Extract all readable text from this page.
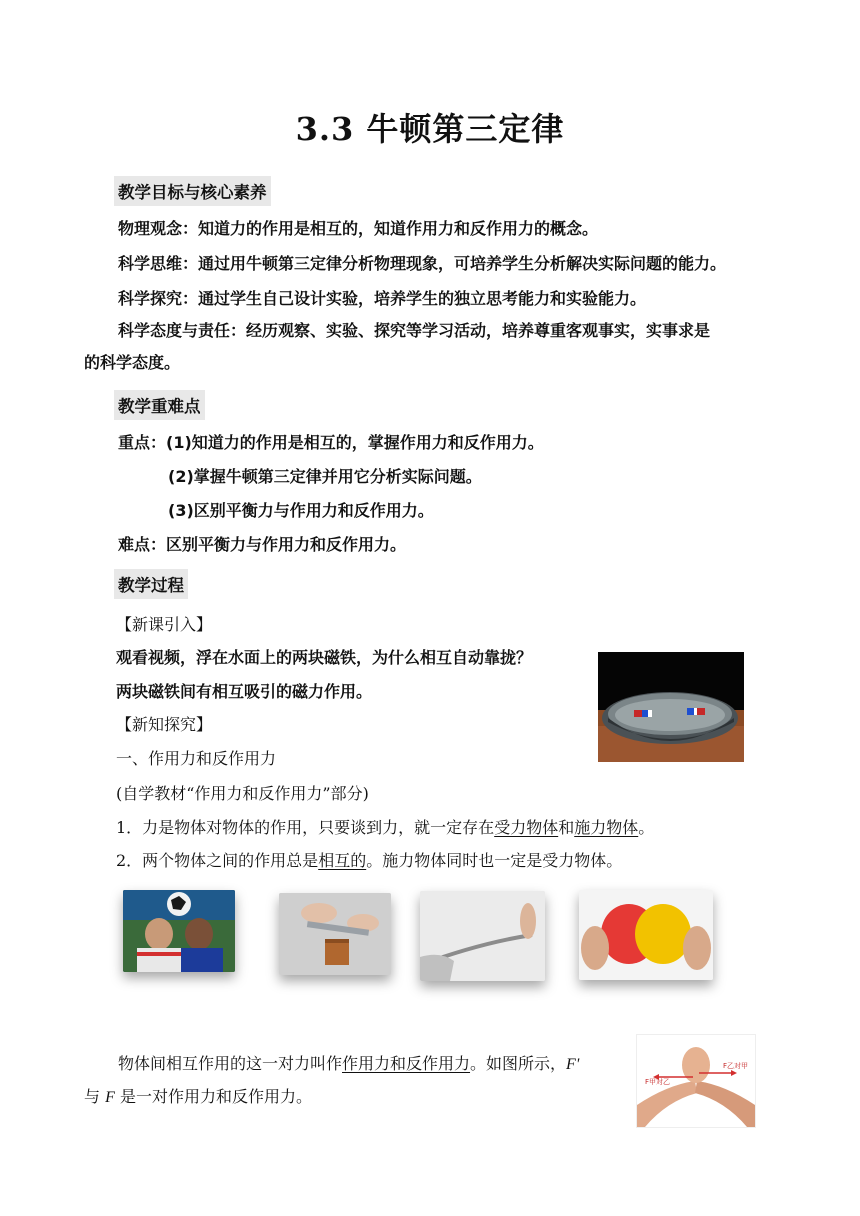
3.3 牛顿第三定律
教学目标与核心素养
物理观念：知道力的作用是相互的，知道作用力和反作用力的概念。
科学思维：通过用牛顿第三定律分析物理现象，可培养学生分析解决实际问题的能力。
科学探究：通过学生自己设计实验，培养学生的独立思考能力和实验能力。
科学态度与责任：经历观察、实验、探究等学习活动，培养尊重客观事实，实事求是
的科学态度。
教学重难点
重点：(1)知道力的作用是相互的，掌握作用力和反作用力。
(2)掌握牛顿第三定律并用它分析实际问题。
(3)区别平衡力与作用力和反作用力。
难点：区别平衡力与作用力和反作用力。
教学过程
【新课引入】
观看视频，浮在水面上的两块磁铁，为什么相互自动靠拢？
两块磁铁间有相互吸引的磁力作用。
【新知探究】
一、作用力和反作用力
(自学教材“作用力和反作用力”部分)
1．力是物体对物体的作用，只要谈到力，就一定存在受力物体和施力物体。
2．两个物体之间的作用总是相互的。施力物体同时也一定是受力物体。
物体间相互作用的这一对力叫作作用力和反作用力。如图所示，F'
与 F 是一对作用力和反作用力。
F甲对乙
F乙对甲
